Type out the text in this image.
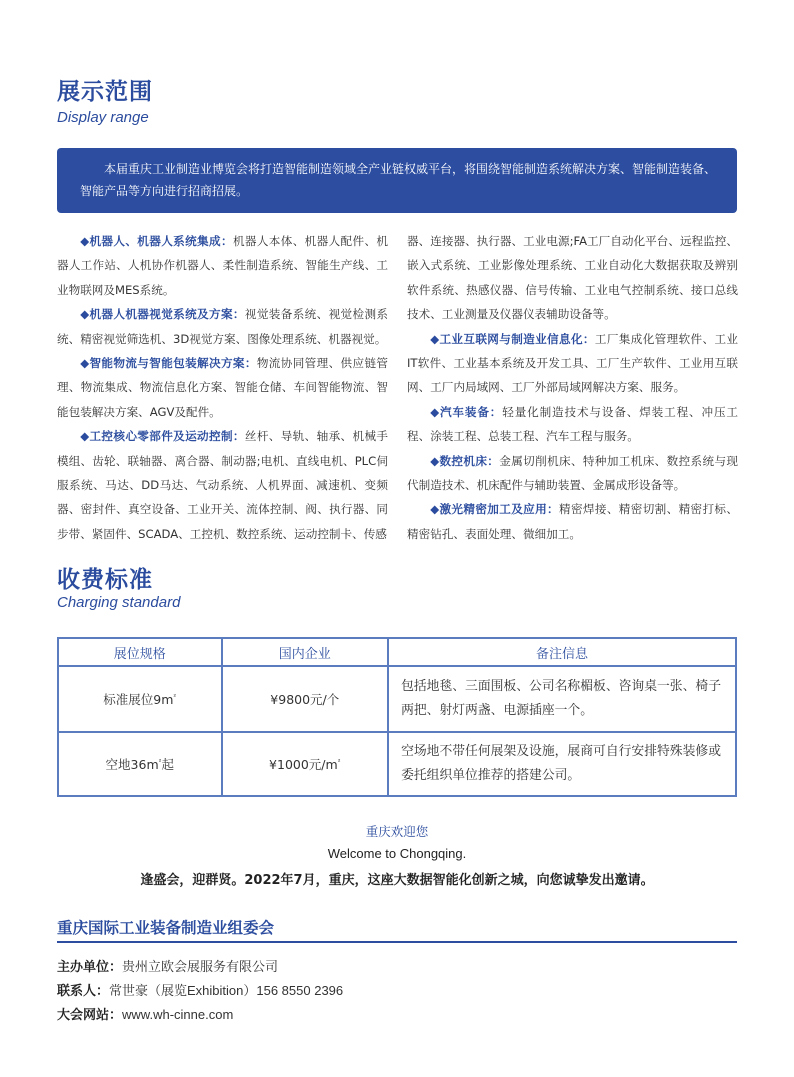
展示范围
Display range
本届重庆工业制造业博览会将打造智能制造领域全产业链权威平台，将围绕智能制造系统解决方案、智能制造装备、智能产品等方向进行招商招展。

◆机器人、机器人系统集成：机器人本体、机器人配件、机器人工作站、人机协作机器人、柔性制造系统、智能生产线、工业物联网及MES系统。

◆机器人机器视觉系统及方案：视觉装备系统、视觉检测系统、精密视觉筛选机、3D视觉方案、图像处理系统、机器视觉。

◆智能物流与智能包装解决方案：物流协同管理、供应链管理、物流集成、物流信息化方案、智能仓储、车间智能物流、智能包装解决方案、AGV及配件。

◆工控核心零部件及运动控制：丝杆、导轨、轴承、机械手模组、齿轮、联轴器、离合器、制动器;电机、直线电机、PLC伺服系统、马达、DD马达、气动系统、人机界面、减速机、变频器、密封件、真空设备、工业开关、流体控制、阀、执行器、同步带、紧固件、SCADA、工控机、数控系统、运动控制卡、传感

器、连接器、执行器、工业电源;FA工厂自动化平台、远程监控、嵌入式系统、工业影像处理系统、工业自动化大数据获取及辨别软件系统、热感仪器、信号传输、工业电气控制系统、接口总线技术、工业测量及仪器仪表辅助设备等。

◆工业互联网与制造业信息化：工厂集成化管理软件、工业IT软件、工业基本系统及开发工具、工厂生产软件、工业用互联网、工厂内局域网、工厂外部局域网解决方案、服务。

◆汽车装备：轻量化制造技术与设备、焊装工程、冲压工程、涂装工程、总装工程、汽车工程与服务。

◆数控机床：金属切削机床、特种加工机床、数控系统与现代制造技术、机床配件与辅助装置、金属成形设备等。

◆激光精密加工及应用：精密焊接、精密切割、精密打标、精密钻孔、表面处理、微细加工。

收费标准
Charging standard
展位规格	国内企业	备注信息
标准展位$9m^{^2}$	¥9800元/个	包括地毯、三面围板、公司名称楣板、咨询桌一张、椅子两把、射灯两盏、电源插座一个。
空地$36m^{^2}$起	¥1000元$/m^{^2}$	空场地不带任何展架及设施，展商可自行安排特殊装修或委托组织单位推荐的搭建公司。
重庆欢迎您
Welcome to Chongqing.
逢盛会，迎群贤。2022年7月，重庆，这座大数据智能化创新之城，向您诚挚发出邀请。
重庆国际工业装备制造业组委会
主办单位：贵州立欧会展服务有限公司
联系人：常世豪（展览Exhibition）156 8550 2396
大会网站：www.wh-cinne.com
